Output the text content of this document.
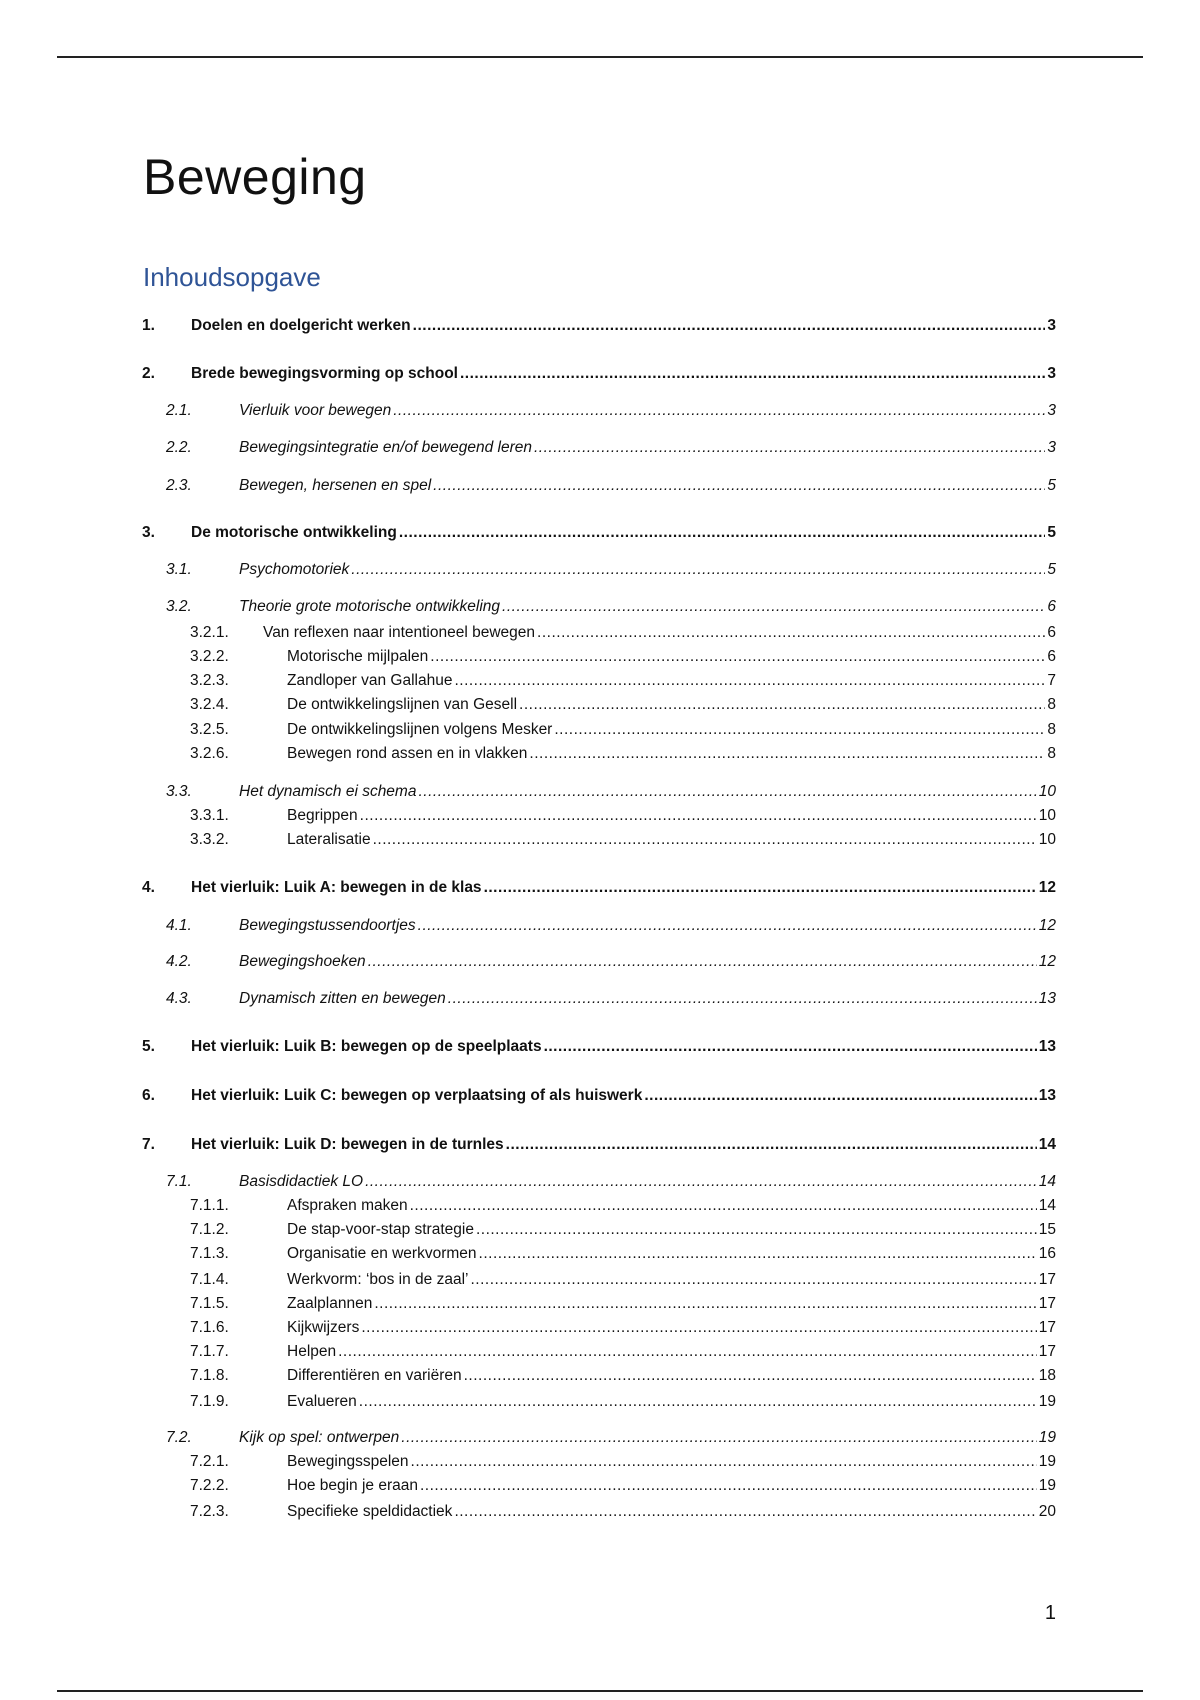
Beweging
Inhoudsopgave
1. Doelen en doelgericht werken .....	3
2. Brede bewegingsvorming op school .....	3
2.1.	Vierluik voor bewegen .....	3
2.2.	Bewegingsintegratie en/of bewegend leren .....	3
2.3.	Bewegen, hersenen en spel .....	5
3. De motorische ontwikkeling .....	5
3.1.	Psychomotoriek .....	5
3.2.	Theorie grote motorische ontwikkeling .....	6
3.2.1. Van reflexen naar intentioneel bewegen .....	6
3.2.2.	Motorische mijlpalen .....	6
3.2.3.	Zandloper van Gallahue .....	7
3.2.4.	De ontwikkelingslijnen van Gesell .....	8
3.2.5.	De ontwikkelingslijnen volgens Mesker .....	8
3.2.6.	Bewegen rond assen en in vlakken .....	8
3.3.	Het dynamisch ei schema .....	10
3.3.1.	Begrippen .....	10
3.3.2.	Lateralisatie .....	10
4. Het vierluik: Luik A: bewegen in de klas .....	12
4.1.	Bewegingstussendoortjes .....	12
4.2.	Bewegingshoeken .....	12
4.3.	Dynamisch zitten en bewegen .....	13
5. Het vierluik: Luik B: bewegen op de speelplaats .....	13
6. Het vierluik: Luik C: bewegen op verplaatsing of als huiswerk .....	13
7. Het vierluik: Luik D: bewegen in de turnles .....	14
7.1.	Basisdidactiek LO .....	14
7.1.1.	Afspraken maken .....	14
7.1.2.	De stap-voor-stap strategie .....	15
7.1.3.	Organisatie en werkvormen .....	16
7.1.4.	Werkvorm: ‘bos in de zaal’ .....	17
7.1.5.	Zaalplannen .....	17
7.1.6.	Kijkwijzers .....	17
7.1.7.	Helpen .....	17
7.1.8.	Differentiëren en variëren .....	18
7.1.9.	Evalueren .....	19
7.2.	Kijk op spel: ontwerpen .....	19
7.2.1.	Bewegingsspelen .....	19
7.2.2.	Hoe begin je eraan .....	19
7.2.3.	Specifieke speldidactiek .....	20
1
